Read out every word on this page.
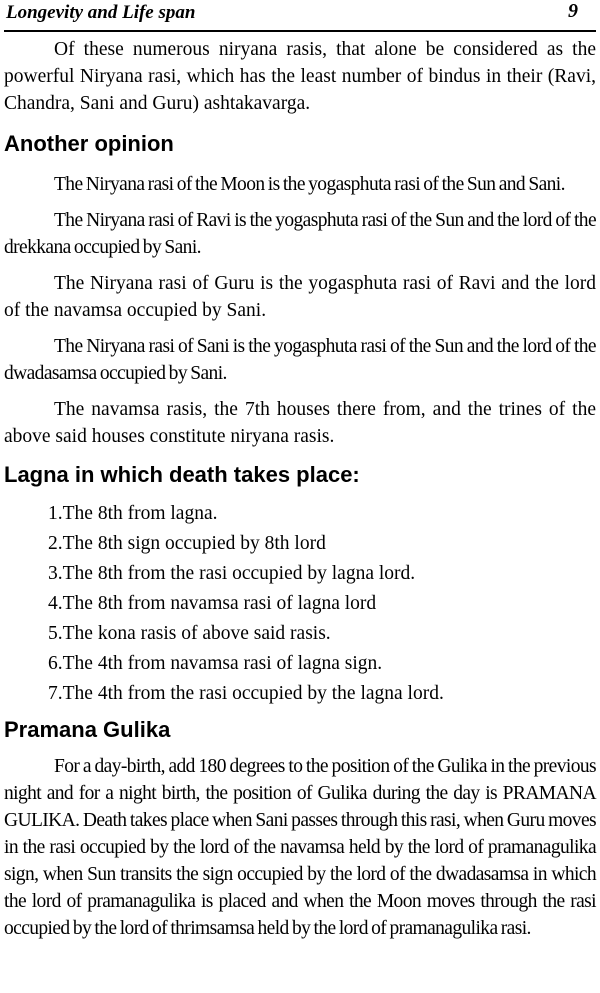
Longevity and Life span	9

Of these numerous niryana rasis, that alone be considered as the powerful Niryana rasi, which has the least number of bindus in their (Ravi, Chandra, Sani and Guru) ashtakavarga.

Another opinion

The Niryana rasi of the Moon is the yogasphuta rasi of the Sun and Sani.

The Niryana rasi of Ravi is the yogasphuta rasi of the Sun and the lord of the drekkana occupied by Sani.

The Niryana rasi of Guru is the yogasphuta rasi of Ravi and the lord of the navamsa occupied by Sani.

The Niryana rasi of Sani is the yogasphuta rasi of the Sun and the lord of the dwadasamsa occupied by Sani.

The navamsa rasis, the 7th houses there from, and the trines of the above said houses constitute niryana rasis.

Lagna in which death takes place:
1.The 8th from lagna.
2.The 8th sign occupied by 8th lord
3.The 8th from the rasi occupied by lagna lord.
4.The 8th from navamsa rasi of lagna lord
5.The kona rasis of above said rasis.
6.The 4th from navamsa rasi of lagna sign.
7.The 4th from the rasi occupied by the lagna lord.
Pramana Gulika

For a day-birth, add 180 degrees to the position of the Gulika in the previous night and for a night birth, the position of Gulika during the day is PRAMANA GULIKA. Death takes place when Sani passes through this rasi, when Guru moves in the rasi occupied by the lord of the navamsa held by the lord of pramanagulika sign, when Sun transits the sign occupied by the lord of the dwadasamsa in which the lord of pramanagulika is placed and when the Moon moves through the rasi occupied by the lord of thrimsamsa held by the lord of pramanagulika rasi.
